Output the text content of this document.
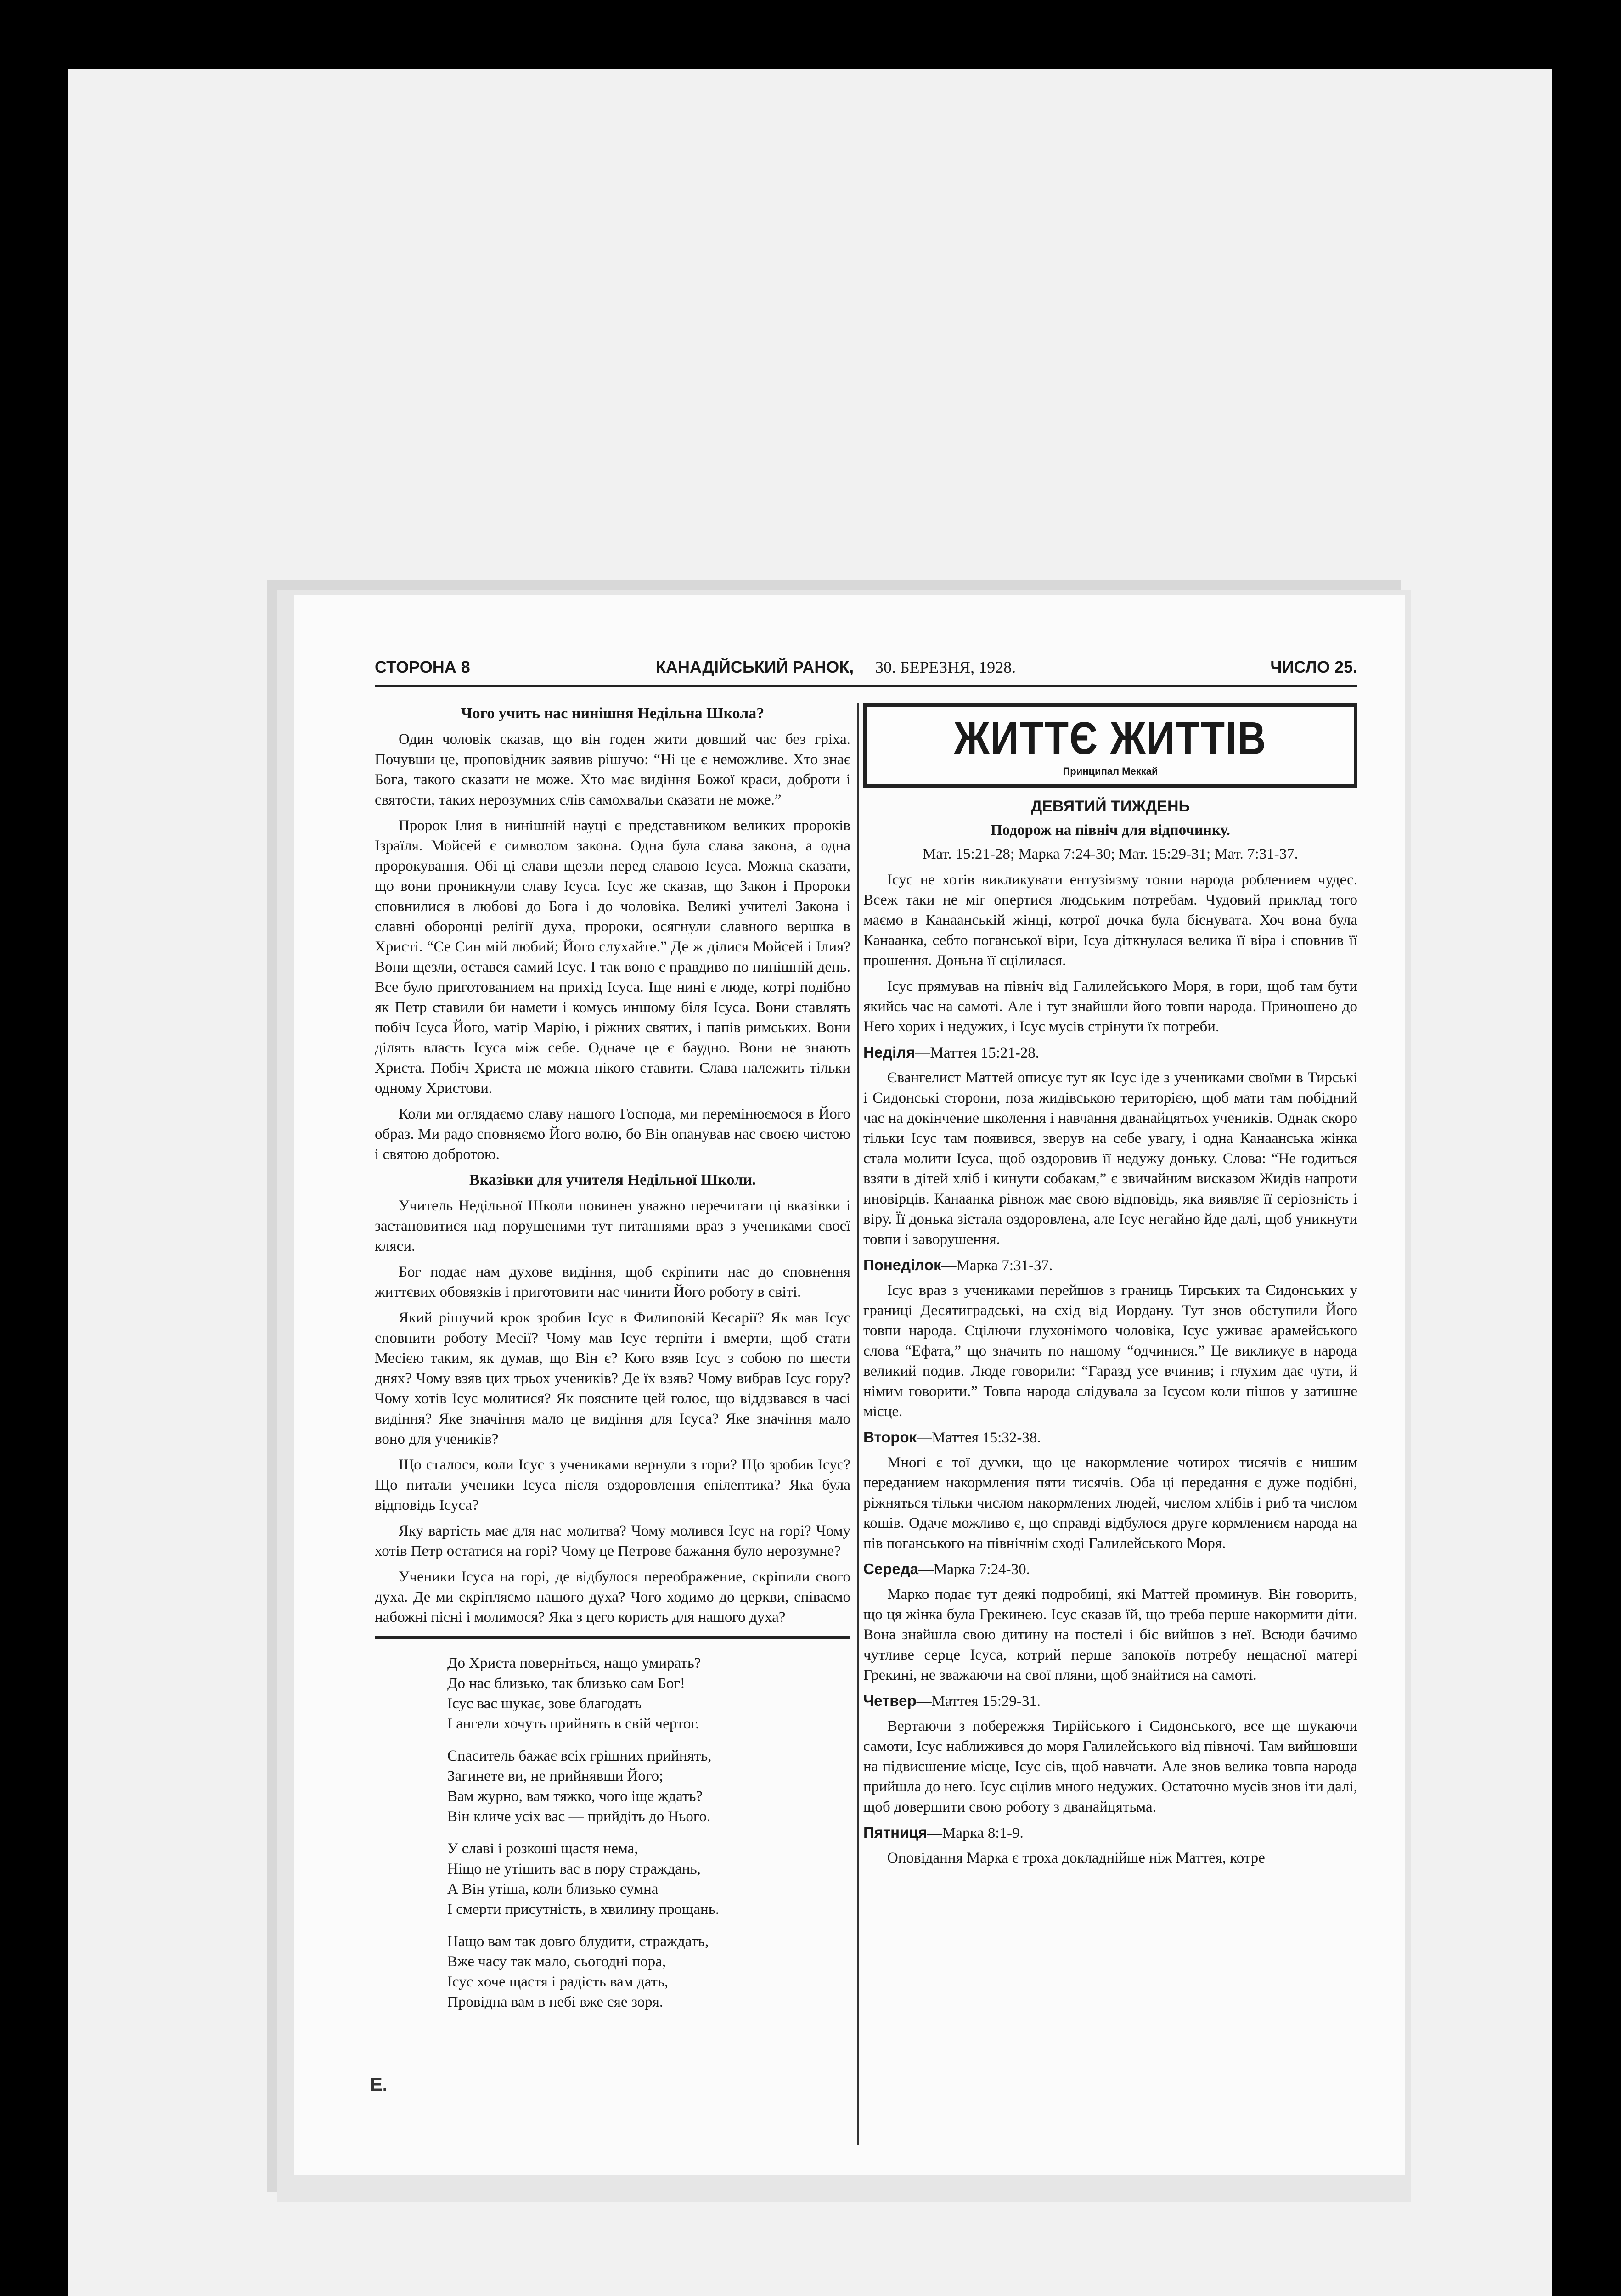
СТОРОНА 8	КАНАДІЙСЬКИЙ РАНОК, 30. БЕРЕЗНЯ, 1928.	ЧИСЛО 25.
Чого учить нас нинішня Недільна Школа?

Один чоловік сказав, що він годен жити довший час без гріха. Почувши це, проповідник заявив рішучо: “Ні це є неможливе. Хто знає Бога, такого сказати не може. Хто має видіння Божої краси, доброти і святости, таких нерозумних слів самохвальи сказати не може.”

Пророк Ілия в нинішній науці є представником великих пророків Ізраїля. Мойсей є символом закона. Одна була слава закона, а одна пророкування. Обі ці слави щезли перед славою Ісуса. Можна сказати, що вони проникнули славу Ісуса. Ісус же сказав, що Закон і Пророки сповнилися в любові до Бога і до чоловіка. Великі учителі Закона і славні оборонці релігії духа, пророки, осягнули славного вершка в Христі. “Се Син мій любий; Його слухайте.” Де ж ділися Мойсей і Ілия? Вони щезли, остався самий Ісус. І так воно є правдиво по нинішній день. Все було приготованием на прихід Ісуса. Іще нині є люде, котрі подібно як Петр ставили би намети і комусь иншому біля Ісуса. Вони ставлять побіч Ісуса Його, матір Марію, і ріжних святих, і папів римських. Вони ділять власть Ісуса між себе. Одначе це є баудно. Вони не знають Христа. Побіч Христа не можна нікого ставити. Слава належить тільки одному Христови.

Коли ми оглядаємо славу нашого Господа, ми перемінюємося в Його образ. Ми радо сповняємо Його волю, бо Він опанував нас своєю чистою і святою добротою.

Вказівки для учителя Недільної Школи.

Учитель Недільної Школи повинен уважно перечитати ці вказівки і застановитися над порушеними тут питаннями враз з учениками своєї кляси.

Бог подає нам духове видіння, щоб скріпити нас до сповнення життєвих обовязків і приготовити нас чинити Його роботу в світі.

Який рішучий крок зробив Ісус в Филиповій Кесарії? Як мав Ісус сповнити роботу Месії? Чому мав Ісус терпіти і вмерти, щоб стати Месією таким, як думав, що Він є? Кого взяв Ісус з собою по шести днях? Чому взяв цих трьох учеників? Де їх взяв? Чому вибрав Ісус гору? Чому хотів Ісус молитися? Як поясните цей голос, що віддзвався в часі видіння? Яке значіння мало це видіння для Ісуса? Яке значіння мало воно для учеників?

Що сталося, коли Ісус з учениками вернули з гори? Що зробив Ісус? Що питали ученики Ісуса після оздоровлення епілептика? Яка була відповідь Ісуса?

Яку вартість має для нас молитва? Чому молився Ісус на горі? Чому хотів Петр остатися на горі? Чому це Петрове бажання було нерозумне?

Ученики Ісуса на горі, де відбулося переображение, скріпили свого духа. Де ми скріпляємо нашого духа? Чого ходимо до церкви, співаємо набожні пісні і молимося? Яка з цего користь для нашого духа?

До Христа поверніться, нащо умирать?
До нас близько, так близько сам Бог!
Ісус вас шукає, зове благодать
І ангели хочуть прийнять в свій чертог.
Спаситель бажає всіх грішних прийнять,
Загинете ви, не прийнявши Його;
Вам журно, вам тяжко, чого іще ждать?
Він кличе усіх вас — прийдіть до Нього.
У славі і розкоші щастя нема,
Ніщо не утішить вас в пору страждань,
А Він утіша, коли близько сумна
І смерти присутність, в хвилину прощань.
Нащо вам так довго блудити, страждать,
Вже часу так мало, сьогодні пора,
Ісус хоче щастя і радість вам дать,
Провідна вам в небі вже сяе зоря.
ЖИТТЄ ЖИТТІВ
Принципал Меккай
ДЕВЯТИЙ ТИЖДЕНЬ
Подорож на північ для відпочинку.

Мат. 15:21-28; Марка 7:24-30; Мат. 15:29-31; Мат. 7:31-37.

Ісус не хотів викликувати ентузіязму товпи народа роблением чудес. Всеж таки не міг опертися людським потребам. Чудовий приклад того маємо в Канаанській жінці, котрої дочка була біснувата. Хоч вона була Канаанка, себто поганської віри, Ісуа діткнулася велика її віра і сповнив її прошення. Доньна її сцілилася.

Ісус прямував на північ від Галилейського Моря, в гори, щоб там бути якийсь час на самоті. Але і тут знайшли його товпи народа. Приношено до Него хорих і недужих, і Ісус мусів стрінути їх потреби.

Неділя—Маттея 15:21-28.

Євангелист Маттей описує тут як Ісус іде з учениками своїми в Тирські і Сидонські сторони, поза жидівською територією, щоб мати там побідний час на докінчение школення і навчання дванайцятьох учеників. Однак скоро тільки Ісус там появився, зверув на себе увагу, і одна Канаанська жінка стала молити Ісуса, щоб оздоровив її недужу доньку. Слова: “Не годиться взяти в дітей хліб і кинути собакам,” є звичайним висказом Жидів напроти иновірців. Канаанка рівнож має свою відповідь, яка виявляє її серіозність і віру. Її донька зістала оздоровлена, але Ісус негайно йде далі, щоб уникнути товпи і заворушення.

Понеділок—Марка 7:31-37.

Ісус враз з учениками перейшов з границь Тирських та Сидонських у границі Десятиградські, на схід від Иордану. Тут знов обступили Його товпи народа. Сцілючи глухонімого чоловіка, Ісус уживає арамейського слова “Ефата,” що значить по нашому “одчинися.” Це викликує в народа великий подив. Люде говорили: “Гаразд усе вчинив; і глухим дає чути, й німим говорити.” Товпа народа слідувала за Ісусом коли пішов у затишне місце.

Второк—Маттея 15:32-38.

Многі є тої думки, що це накормление чотирох тисячів є нишим переданием накормления пяти тисячів. Оба ці передання є дуже подібні, ріжняться тільки числом накормлених людей, числом хлібів і риб та числом кошів. Одачє можливо є, що справді відбулося друге кормлениєм народа на пів поганського на північнім сході Галилейського Моря.

Середа—Марка 7:24-30.

Марко подає тут деякі подробиці, які Маттей проминув. Він говорить, що ця жінка була Грекинею. Ісус сказав їй, що треба перше накормити діти. Вона знайшла свою дитину на постелі і біс вийшов з неї. Всюди бачимо чутливе серце Ісуса, котрий перше запокоїв потребу нещасної матері Грекині, не зважаючи на свої пляни, щоб знайтися на самоті.

Четвер—Маттея 15:29-31.

Вертаючи з побережжя Тирійського і Сидонського, все ще шукаючи самоти, Ісус наближився до моря Галилейського від півночі. Там вийшовши на підвисшение місце, Ісус сів, щоб навчати. Але знов велика товпа народа прийшла до него. Ісус сцілив много недужих. Остаточно мусів знов іти далі, щоб довершити свою роботу з дванайцятьма.

Пятниця—Марка 8:1-9.

Оповідання Марка є троха докладнійше ніж Маттея, котре

E.
